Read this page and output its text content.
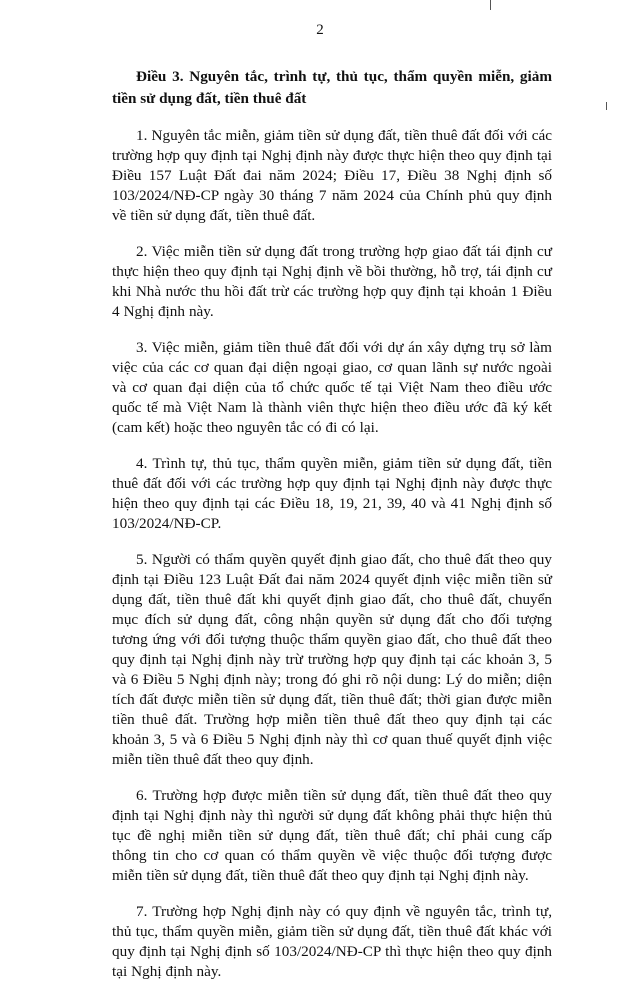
2

Điều 3. Nguyên tắc, trình tự, thủ tục, thẩm quyền miễn, giảm tiền sử dụng đất, tiền thuê đất

1. Nguyên tắc miễn, giảm tiền sử dụng đất, tiền thuê đất đối với các trường hợp quy định tại Nghị định này được thực hiện theo quy định tại Điều 157 Luật Đất đai năm 2024; Điều 17, Điều 38 Nghị định số 103/2024/NĐ-CP ngày 30 tháng 7 năm 2024 của Chính phủ quy định về tiền sử dụng đất, tiền thuê đất.

2. Việc miễn tiền sử dụng đất trong trường hợp giao đất tái định cư thực hiện theo quy định tại Nghị định về bồi thường, hỗ trợ, tái định cư khi Nhà nước thu hồi đất trừ các trường hợp quy định tại khoản 1 Điều 4 Nghị định này.

3. Việc miễn, giảm tiền thuê đất đối với dự án xây dựng trụ sở làm việc của các cơ quan đại diện ngoại giao, cơ quan lãnh sự nước ngoài và cơ quan đại diện của tổ chức quốc tế tại Việt Nam theo điều ước quốc tế mà Việt Nam là thành viên thực hiện theo điều ước đã ký kết (cam kết) hoặc theo nguyên tắc có đi có lại.

4. Trình tự, thủ tục, thẩm quyền miễn, giảm tiền sử dụng đất, tiền thuê đất đối với các trường hợp quy định tại Nghị định này được thực hiện theo quy định tại các Điều 18, 19, 21, 39, 40 và 41 Nghị định số 103/2024/NĐ-CP.

5. Người có thẩm quyền quyết định giao đất, cho thuê đất theo quy định tại Điều 123 Luật Đất đai năm 2024 quyết định việc miễn tiền sử dụng đất, tiền thuê đất khi quyết định giao đất, cho thuê đất, chuyển mục đích sử dụng đất, công nhận quyền sử dụng đất cho đối tượng tương ứng với đối tượng thuộc thẩm quyền giao đất, cho thuê đất theo quy định tại Nghị định này trừ trường hợp quy định tại các khoản 3, 5 và 6 Điều 5 Nghị định này; trong đó ghi rõ nội dung: Lý do miễn; diện tích đất được miễn tiền sử dụng đất, tiền thuê đất; thời gian được miễn tiền thuê đất. Trường hợp miễn tiền thuê đất theo quy định tại các khoản 3, 5 và 6 Điều 5 Nghị định này thì cơ quan thuế quyết định việc miễn tiền thuê đất theo quy định.

6. Trường hợp được miễn tiền sử dụng đất, tiền thuê đất theo quy định tại Nghị định này thì người sử dụng đất không phải thực hiện thủ tục đề nghị miễn tiền sử dụng đất, tiền thuê đất; chỉ phải cung cấp thông tin cho cơ quan có thẩm quyền về việc thuộc đối tượng được miễn tiền sử dụng đất, tiền thuê đất theo quy định tại Nghị định này.

7. Trường hợp Nghị định này có quy định về nguyên tắc, trình tự, thủ tục, thẩm quyền miễn, giảm tiền sử dụng đất, tiền thuê đất khác với quy định tại Nghị định số 103/2024/NĐ-CP thì thực hiện theo quy định tại Nghị định này.
